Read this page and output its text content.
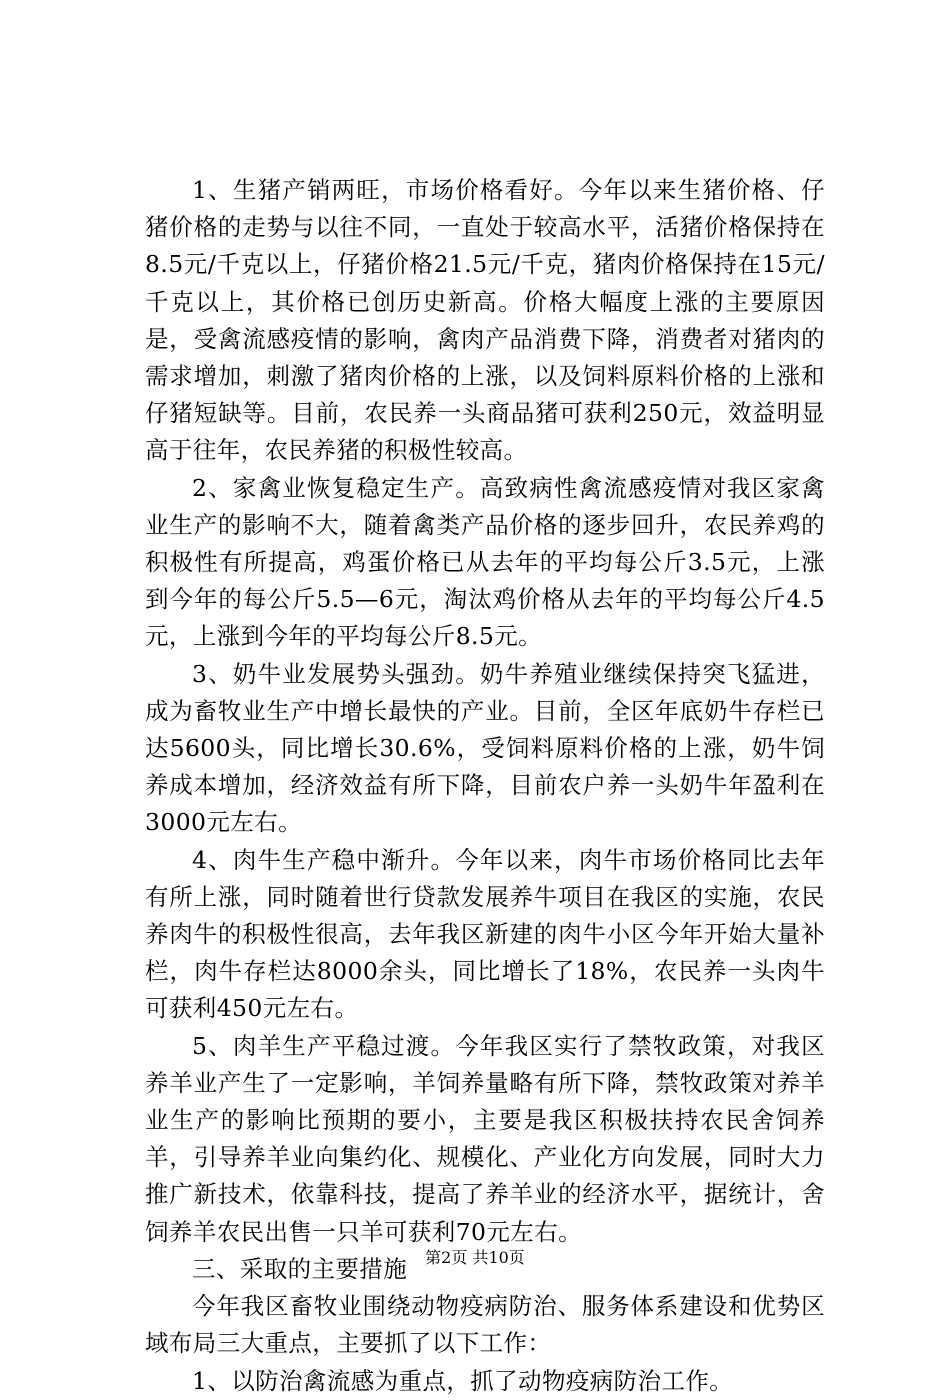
1、生猪产销两旺，市场价格看好。今年以来生猪价格、仔猪价格的走势与以往不同，一直处于较高水平，活猪价格保持在8.5元/千克以上，仔猪价格21.5元/千克，猪肉价格保持在15元/千克以上，其价格已创历史新高。价格大幅度上涨的主要原因是，受禽流感疫情的影响，禽肉产品消费下降，消费者对猪肉的需求增加，刺激了猪肉价格的上涨，以及饲料原料价格的上涨和仔猪短缺等。目前，农民养一头商品猪可获利250元，效益明显高于往年，农民养猪的积极性较高。

2、家禽业恢复稳定生产。高致病性禽流感疫情对我区家禽业生产的影响不大，随着禽类产品价格的逐步回升，农民养鸡的积极性有所提高，鸡蛋价格已从去年的平均每公斤3.5元，上涨到今年的每公斤5.5—6元，淘汰鸡价格从去年的平均每公斤4.5元，上涨到今年的平均每公斤8.5元。

3、奶牛业发展势头强劲。奶牛养殖业继续保持突飞猛进，成为畜牧业生产中增长最快的产业。目前，全区年底奶牛存栏已达5600头，同比增长30.6%，受饲料原料价格的上涨，奶牛饲养成本增加，经济效益有所下降，目前农户养一头奶牛年盈利在3000元左右。

4、肉牛生产稳中渐升。今年以来，肉牛市场价格同比去年有所上涨，同时随着世行贷款发展养牛项目在我区的实施，农民养肉牛的积极性很高，去年我区新建的肉牛小区今年开始大量补栏，肉牛存栏达8000余头，同比增长了18%，农民养一头肉牛可获利450元左右。

5、肉羊生产平稳过渡。今年我区实行了禁牧政策，对我区养羊业产生了一定影响，羊饲养量略有所下降，禁牧政策对养羊业生产的影响比预期的要小，主要是我区积极扶持农民舍饲养羊，引导养羊业向集约化、规模化、产业化方向发展，同时大力推广新技术，依靠科技，提高了养羊业的经济水平，据统计，舍饲养羊农民出售一只羊可获利70元左右。

三、采取的主要措施

今年我区畜牧业围绕动物疫病防治、服务体系建设和优势区域布局三大重点，主要抓了以下工作：

1、以防治禽流感为重点，抓了动物疫病防治工作。

第2页 共10页
